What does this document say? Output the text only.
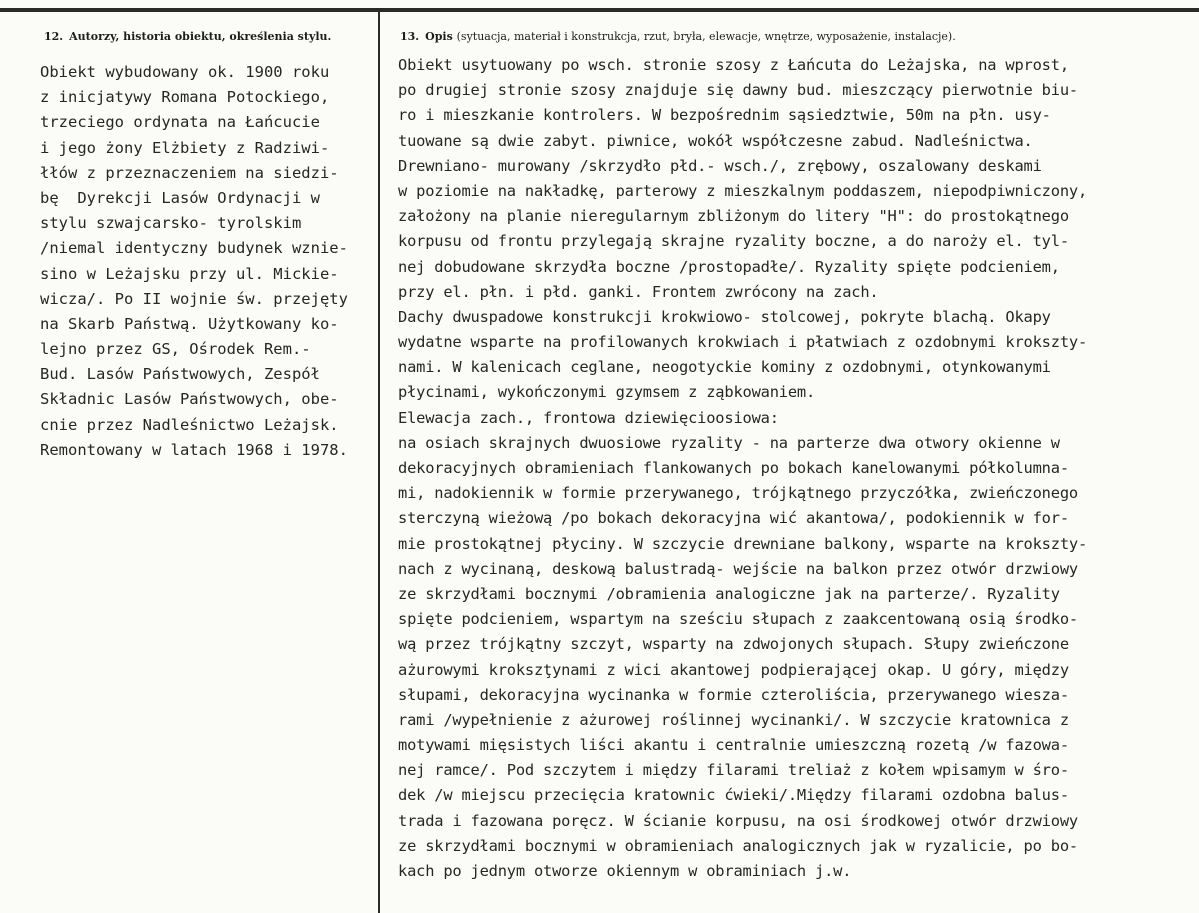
12. Autorzy, historia obiektu, określenia stylu.	13. Opis (sytuacja, materiał i konstrukcja, rzut, bryła, elewacje, wnętrze, wyposażenie, instalacje).
Obiekt wybudowany ok. 1900 roku
z inicjatywy Romana Potockiego,
trzeciego ordynata na Łańcucie
i jego żony Elżbiety z Radziwi-
łłów z przeznaczeniem na siedzi-
bę  Dyrekcji Lasów Ordynacji w
stylu szwajcarsko- tyrolskim
/niemal identyczny budynek wznie-
sino w Leżajsku przy ul. Mickie-
wicza/. Po II wojnie św. przejęty
na Skarb Państwą. Użytkowany ko-
lejno przez GS, Ośrodek Rem.-
Bud. Lasów Państwowych, Zespół
Składnic Lasów Państwowych, obe-
cnie przez Nadleśnictwo Leżajsk.
Remontowany w latach 1968 i 1978.
Obiekt usytuowany po wsch. stronie szosy z Łańcuta do Leżajska, na wprost,
po drugiej stronie szosy znajduje się dawny bud. mieszczący pierwotnie biu-
ro i mieszkanie kontrolers. W bezpośrednim sąsiedztwie, 50m na płn. usy-
tuowane są dwie zabyt. piwnice, wokół współczesne zabud. Nadleśnictwa.
Drewniano- murowany /skrzydło płd.- wsch./, zrębowy, oszalowany deskami
w poziomie na nakładkę, parterowy z mieszkalnym poddaszem, niepodpiwniczony,
założony na planie nieregularnym zbliżonym do litery "H": do prostokątnego
korpusu od frontu przylegają skrajne ryzality boczne, a do naroży el. tyl-
nej dobudowane skrzydła boczne /prostopadłe/. Ryzality spięte podcieniem,
przy el. płn. i płd. ganki. Frontem zwrócony na zach.
Dachy dwuspadowe konstrukcji krokwiowo- stolcowej, pokryte blachą. Okapy
wydatne wsparte na profilowanych krokwiach i płatwiach z ozdobnymi kroksztу-
nami. W kalenicach ceglane, neogotyckie kominy z ozdobnymi, otynkowanymi
płycinami, wykończonymi gzymsem z ząbkowaniem.
Elewacja zach., frontowa dziewięcioosiowa:
na osiach skrajnych dwuosiowe ryzality - na parterze dwa otwory okienne w
dekoracyjnych obramieniach flankowanych po bokach kanelowanymi półkolumna-
mi, nadokiennik w formie przerywanego, trójkątnego przyczółka, zwieńczonego
sterczyną wieżową /po bokach dekoracyjna wić akantowa/, podokiennik w for-
mie prostokątnej płyciny. W szczycie drewniane balkony, wsparte na kroksztу-
nach z wycinaną, deskową balustradą- wejście na balkon przez otwór drzwiowy
ze skrzydłami bocznymi /obramienia analogiczne jak na parterze/. Ryzality
spięte podcieniem, wspartym na sześciu słupach z zaakcentowaną osią środko-
wą przez trójkątny szczyt, wsparty na zdwojonych słupach. Słupy zwieńczone
ażurowymi krokszţynami z wici akantowej podpierającej okap. U góry, między
słupami, dekoracyjna wycinanka w formie czteroliścia, przerywanego wiesza-
rami /wypełnienie z ażurowej roślinnej wycinanki/. W szczycie kratownica z
motywami mięsistych liści akantu i centralnie umieszczną rozetą /w fazowa-
nej ramce/. Pod szczytem i między filarami treliaż z kołem wpisamym w śro-
dek /w miejscu przecięcia kratownic ćwieki/.Między filarami ozdobna balus-
trada i fazowana poręcz. W ścianie korpusu, na osi środkowej otwór drzwiowy
ze skrzydłami bocznymi w obramieniach analogicznych jak w ryzalicie, po bo-
kach po jednym otworze okiennym w obraminiach j.w.
